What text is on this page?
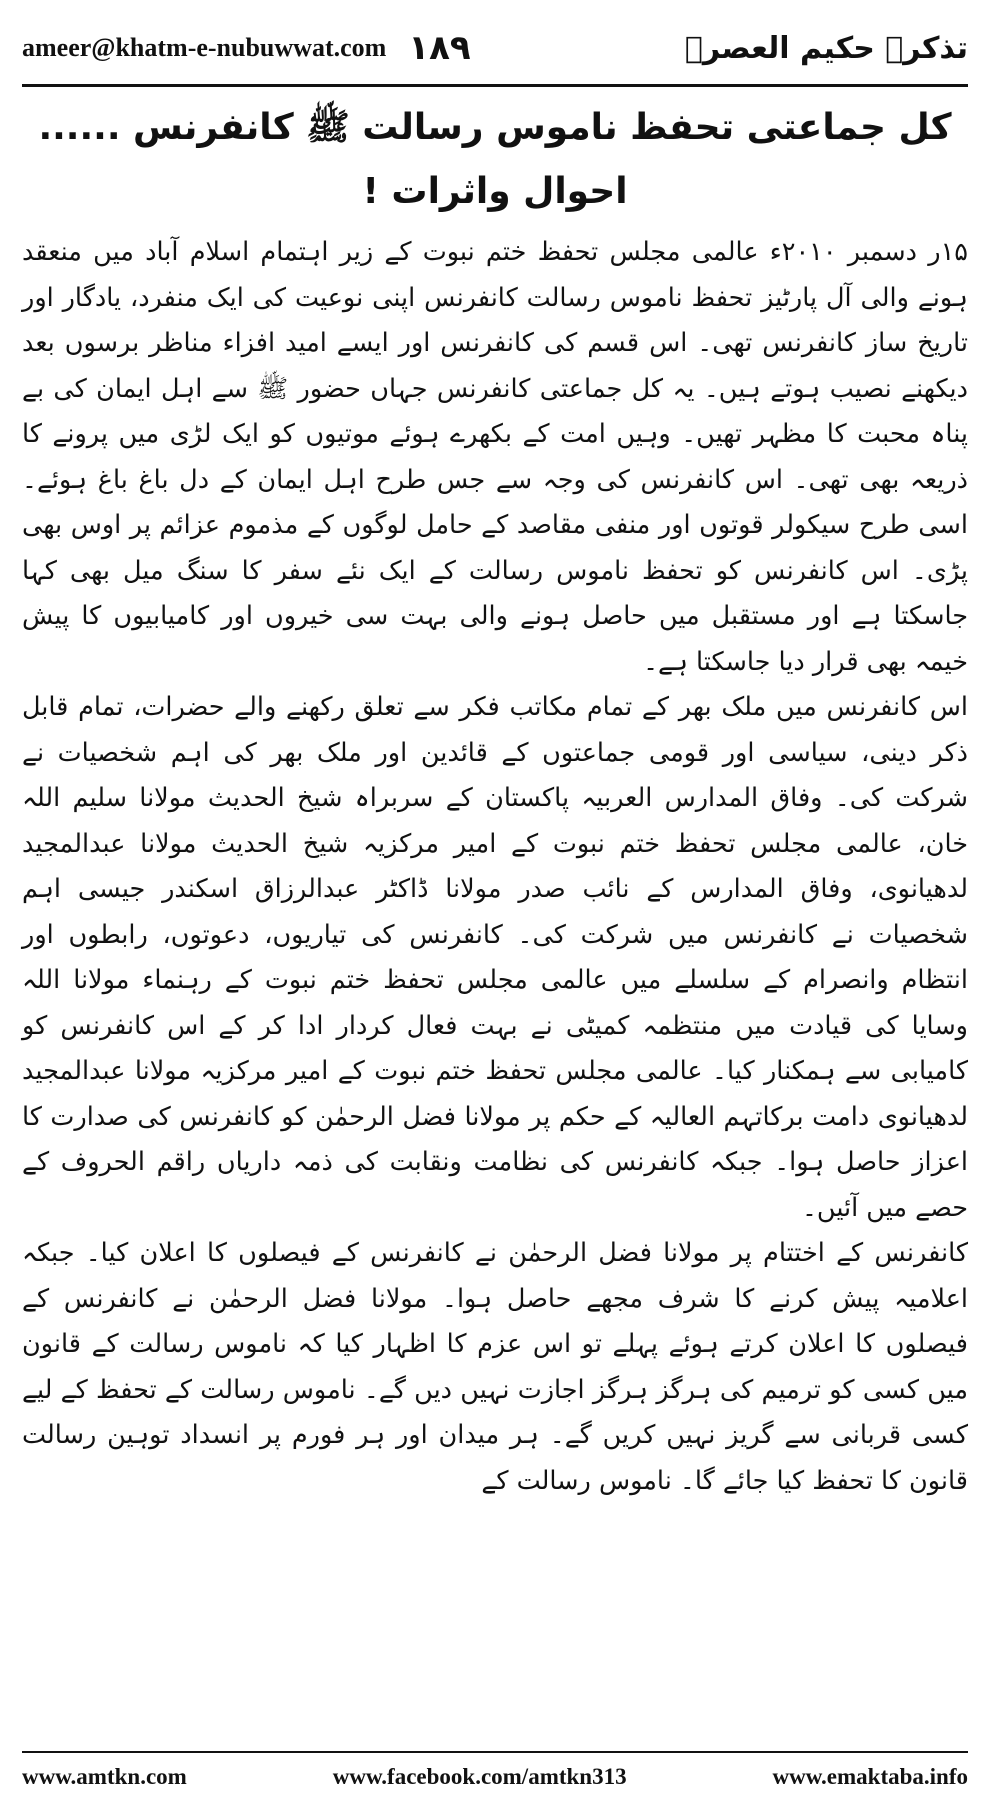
ameer@khatm-e-nubuwwat.com ۱۸۹	تذکرہ حکیم العصرؒ
کل جماعتی تحفظ ناموس رسالت ﷺ کانفرنس ...... احوال واثرات !

۱۵ر دسمبر ۲۰۱۰ء عالمی مجلس تحفظ ختم نبوت کے زیر اہتمام اسلام آباد میں منعقد ہونے والی آل پارٹیز تحفظ ناموس رسالت کانفرنس اپنی نوعیت کی ایک منفرد، یادگار اور تاریخ ساز کانفرنس تھی۔ اس قسم کی کانفرنس اور ایسے امید افزاء مناظر برسوں بعد دیکھنے نصیب ہوتے ہیں۔ یہ کل جماعتی کانفرنس جہاں حضور ﷺ سے اہل ایمان کی بے پناہ محبت کا مظہر تھیں۔ وہیں امت کے بکھرے ہوئے موتیوں کو ایک لڑی میں پرونے کا ذریعہ بھی تھی۔ اس کانفرنس کی وجہ سے جس طرح اہل ایمان کے دل باغ باغ ہوئے۔ اسی طرح سیکولر قوتوں اور منفی مقاصد کے حامل لوگوں کے مذموم عزائم پر اوس بھی پڑی۔ اس کانفرنس کو تحفظ ناموس رسالت کے ایک نئے سفر کا سنگ میل بھی کہا جاسکتا ہے اور مستقبل میں حاصل ہونے والی بہت سی خیروں اور کامیابیوں کا پیش خیمہ بھی قرار دیا جاسکتا ہے۔

اس کانفرنس میں ملک بھر کے تمام مکاتب فکر سے تعلق رکھنے والے حضرات، تمام قابل ذکر دینی، سیاسی اور قومی جماعتوں کے قائدین اور ملک بھر کی اہم شخصیات نے شرکت کی۔ وفاق المدارس العربیہ پاکستان کے سربراہ شیخ الحدیث مولانا سلیم اللہ خان، عالمی مجلس تحفظ ختم نبوت کے امیر مرکزیہ شیخ الحدیث مولانا عبدالمجید لدھیانوی، وفاق المدارس کے نائب صدر مولانا ڈاکٹر عبدالرزاق اسکندر جیسی اہم شخصیات نے کانفرنس میں شرکت کی۔ کانفرنس کی تیاریوں، دعوتوں، رابطوں اور انتظام وانصرام کے سلسلے میں عالمی مجلس تحفظ ختم نبوت کے رہنماء مولانا اللہ وسایا کی قیادت میں منتظمہ کمیٹی نے بہت فعال کردار ادا کر کے اس کانفرنس کو کامیابی سے ہمکنار کیا۔ عالمی مجلس تحفظ ختم نبوت کے امیر مرکزیہ مولانا عبدالمجید لدھیانوی دامت برکاتہم العالیہ کے حکم پر مولانا فضل الرحمٰن کو کانفرنس کی صدارت کا اعزاز حاصل ہوا۔ جبکہ کانفرنس کی نظامت ونقابت کی ذمہ داریاں راقم الحروف کے حصے میں آئیں۔

کانفرنس کے اختتام پر مولانا فضل الرحمٰن نے کانفرنس کے فیصلوں کا اعلان کیا۔ جبکہ اعلامیہ پیش کرنے کا شرف مجھے حاصل ہوا۔ مولانا فضل الرحمٰن نے کانفرنس کے فیصلوں کا اعلان کرتے ہوئے پہلے تو اس عزم کا اظہار کیا کہ ناموس رسالت کے قانون میں کسی کو ترمیم کی ہرگز ہرگز اجازت نہیں دیں گے۔ ناموس رسالت کے تحفظ کے لیے کسی قربانی سے گریز نہیں کریں گے۔ ہر میدان اور ہر فورم پر انسداد توہین رسالت قانون کا تحفظ کیا جائے گا۔ ناموس رسالت کے

www.amtkn.com	www.facebook.com/amtkn313	www.emaktaba.info
